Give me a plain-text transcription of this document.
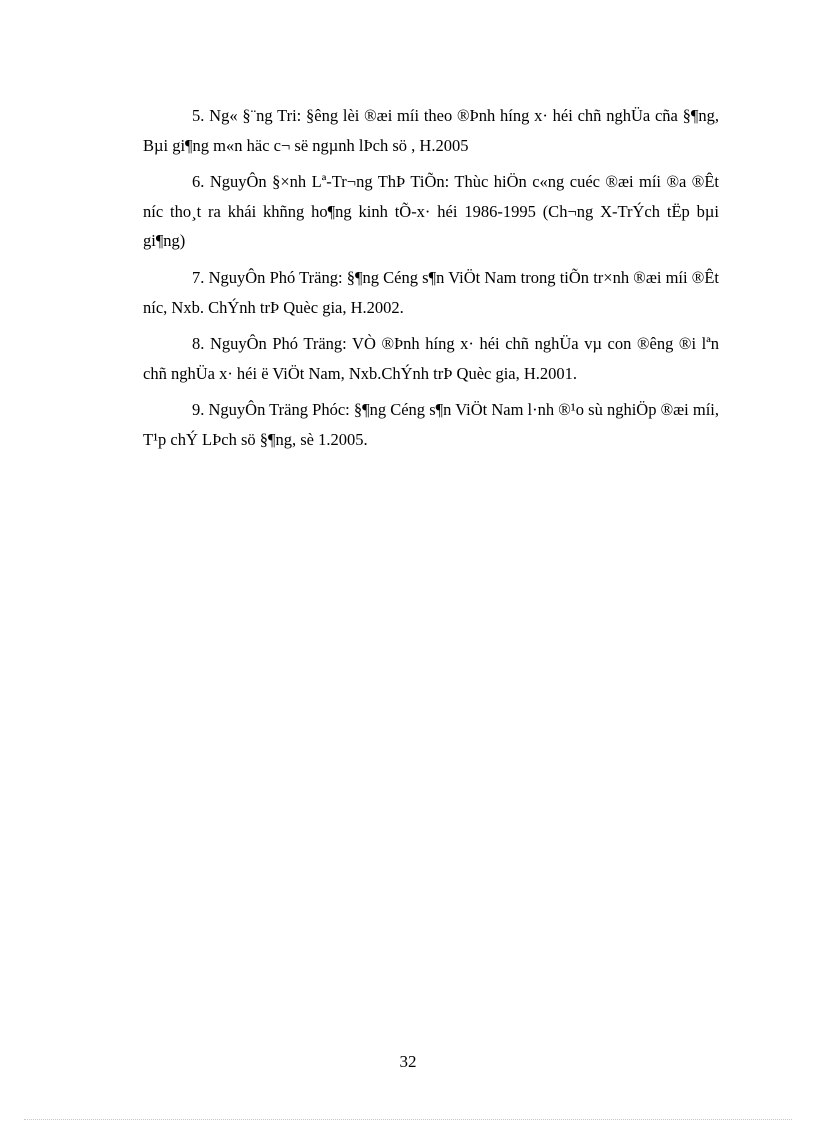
5. Ng« §¨ng Tri: §êng lèi ®æi míi theo ®Þnh híng x· héi chñ nghÜa cña §¶ng, Bµi gi¶ng m«n häc c¬ së ngµnh lÞch sö , H.2005

6. NguyÔn §×nh Lª-Tr¬ng ThÞ TiÕn: Thùc hiÖn c«ng cuéc ®æi míi ®a ®Êt níc tho¸t ra khái khñng ho¶ng kinh tÕ-x· héi 1986-1995 (Ch¬ng X-TrÝch tËp bµi gi¶ng)

7. NguyÔn Phó Träng: §¶ng Céng s¶n ViÖt Nam trong tiÕn tr×nh ®æi míi ®Êt níc, Nxb. ChÝnh trÞ Quèc gia, H.2002.

8. NguyÔn Phó Träng: VÒ ®Þnh híng x· héi chñ nghÜa vµ con ®êng ®i lªn chñ nghÜa x· héi ë ViÖt Nam, Nxb.ChÝnh trÞ Quèc gia, H.2001.

9. NguyÔn Träng Phóc: §¶ng Céng s¶n ViÖt Nam l·nh ®¹o sù nghiÖp ®æi míi, T¹p chÝ LÞch sö §¶ng, sè 1.2005.

32
